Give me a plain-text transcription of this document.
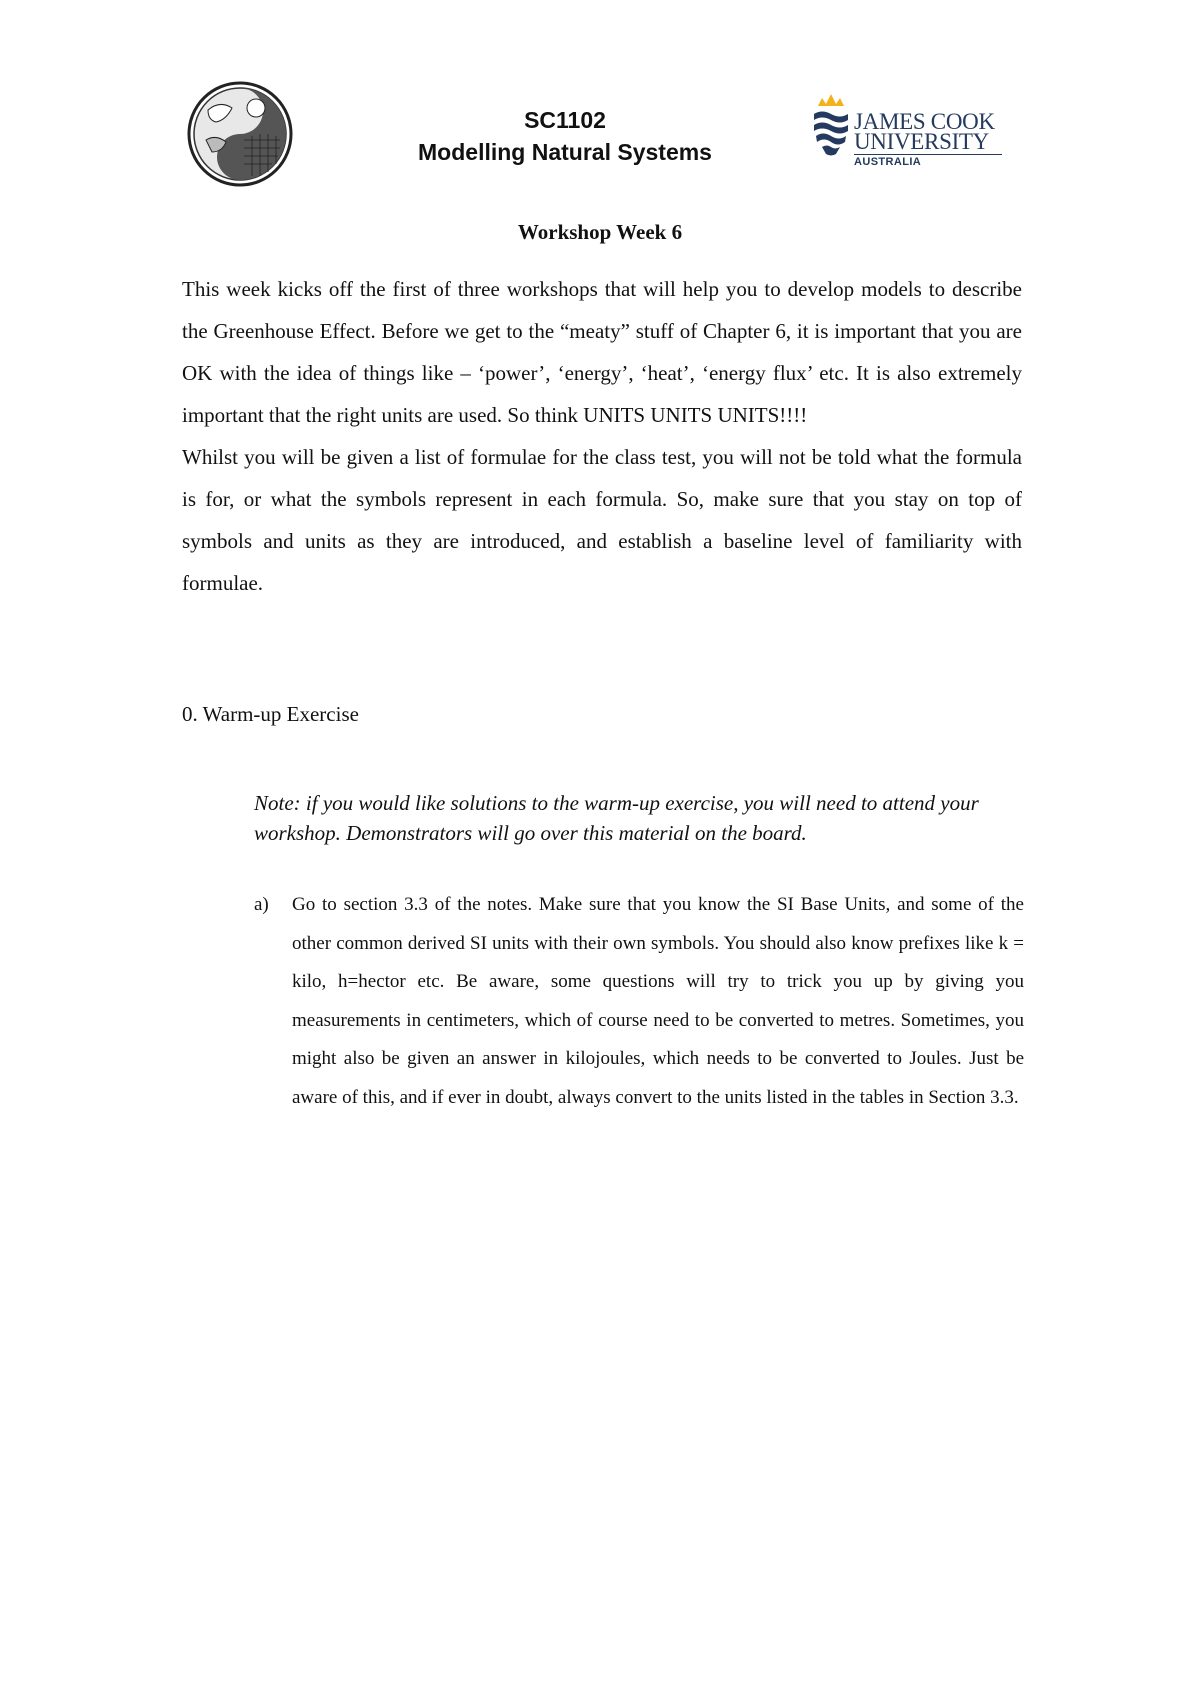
SC1102
Modelling Natural Systems
JAMES COOK
UNIVERSITY
AUSTRALIA
Workshop Week 6

This week kicks off the first of three workshops that will help you to develop models to describe the Greenhouse Effect. Before we get to the “meaty” stuff of Chapter 6, it is important that you are OK with the idea of things like – ‘power’, ‘energy’, ‘heat’, ‘energy flux’ etc. It is also extremely important that the right units are used. So think UNITS UNITS UNITS!!!!

Whilst you will be given a list of formulae for the class test, you will not be told what the formula is for, or what the symbols represent in each formula. So, make sure that you stay on top of symbols and units as they are introduced, and establish a baseline level of familiarity with formulae.

0. Warm-up Exercise

Note: if you would like solutions to the warm-up exercise, you will need to attend your workshop. Demonstrators will go over this material on the board.

a) Go to section 3.3 of the notes. Make sure that you know the SI Base Units, and some of the other common derived SI units with their own symbols. You should also know prefixes like k = kilo, h=hector etc. Be aware, some questions will try to trick you up by giving you measurements in centimeters, which of course need to be converted to metres. Sometimes, you might also be given an answer in kilojoules, which needs to be converted to Joules. Just be aware of this, and if ever in doubt, always convert to the units listed in the tables in Section 3.3.
